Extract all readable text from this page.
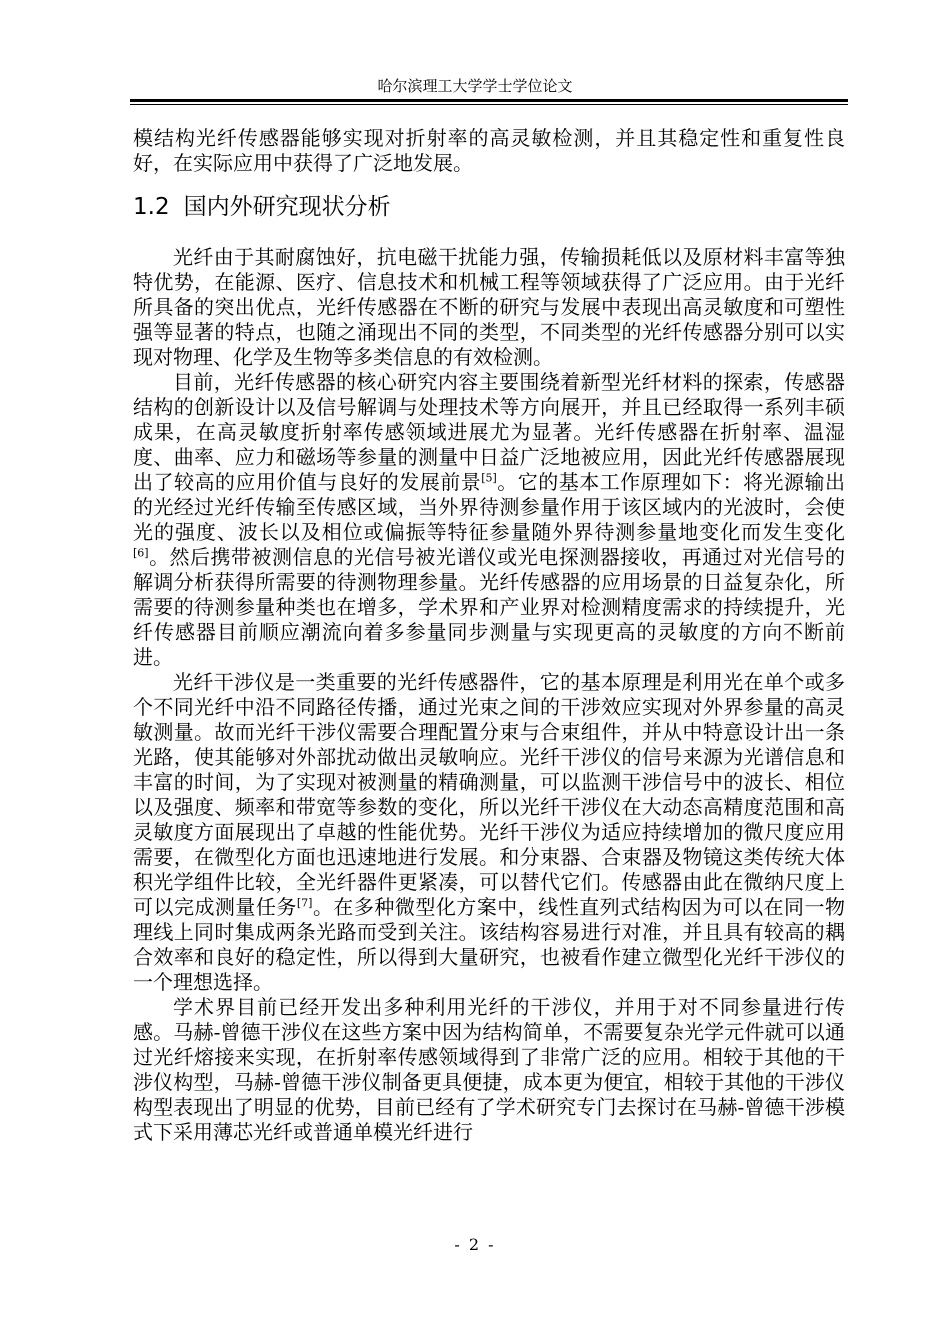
哈尔滨理工大学学士学位论文

模结构光纤传感器能够实现对折射率的高灵敏检测，并且其稳定性和重复性良好，在实际应用中获得了广泛地发展。

1.2 国内外研究现状分析

光纤由于其耐腐蚀好，抗电磁干扰能力强，传输损耗低以及原材料丰富等独特优势，在能源、医疗、信息技术和机械工程等领域获得了广泛应用。由于光纤所具备的突出优点，光纤传感器在不断的研究与发展中表现出高灵敏度和可塑性强等显著的特点，也随之涌现出不同的类型，不同类型的光纤传感器分别可以实现对物理、化学及生物等多类信息的有效检测。

目前，光纤传感器的核心研究内容主要围绕着新型光纤材料的探索，传感器结构的创新设计以及信号解调与处理技术等方向展开，并且已经取得一系列丰硕成果，在高灵敏度折射率传感领域进展尤为显著。光纤传感器在折射率、温湿度、曲率、应力和磁场等参量的测量中日益广泛地被应用，因此光纤传感器展现出了较高的应用价值与良好的发展前景[5]。它的基本工作原理如下：将光源输出的光经过光纤传输至传感区域，当外界待测参量作用于该区域内的光波时，会使光的强度、波长以及相位或偏振等特征参量随外界待测参量地变化而发生变化[6]。然后携带被测信息的光信号被光谱仪或光电探测器接收，再通过对光信号的解调分析获得所需要的待测物理参量。光纤传感器的应用场景的日益复杂化，所需要的待测参量种类也在增多，学术界和产业界对检测精度需求的持续提升，光纤传感器目前顺应潮流向着多参量同步测量与实现更高的灵敏度的方向不断前进。

光纤干涉仪是一类重要的光纤传感器件，它的基本原理是利用光在单个或多个不同光纤中沿不同路径传播，通过光束之间的干涉效应实现对外界参量的高灵敏测量。故而光纤干涉仪需要合理配置分束与合束组件，并从中特意设计出一条光路，使其能够对外部扰动做出灵敏响应。光纤干涉仪的信号来源为光谱信息和丰富的时间，为了实现对被测量的精确测量，可以监测干涉信号中的波长、相位以及强度、频率和带宽等参数的变化，所以光纤干涉仪在大动态高精度范围和高灵敏度方面展现出了卓越的性能优势。光纤干涉仪为适应持续增加的微尺度应用需要，在微型化方面也迅速地进行发展。和分束器、合束器及物镜这类传统大体积光学组件比较，全光纤器件更紧凑，可以替代它们。传感器由此在微纳尺度上可以完成测量任务[7]。在多种微型化方案中，线性直列式结构因为可以在同一物理线上同时集成两条光路而受到关注。该结构容易进行对准，并且具有较高的耦合效率和良好的稳定性，所以得到大量研究，也被看作建立微型化光纤干涉仪的一个理想选择。

学术界目前已经开发出多种利用光纤的干涉仪，并用于对不同参量进行传感。马赫-曾德干涉仪在这些方案中因为结构简单，不需要复杂光学元件就可以通过光纤熔接来实现，在折射率传感领域得到了非常广泛的应用。相较于其他的干涉仪构型，马赫-曾德干涉仪制备更具便捷，成本更为便宜，相较于其他的干涉仪构型表现出了明显的优势，目前已经有了学术研究专门去探讨在马赫-曾德干涉模式下采用薄芯光纤或普通单模光纤进行

- 2 -
